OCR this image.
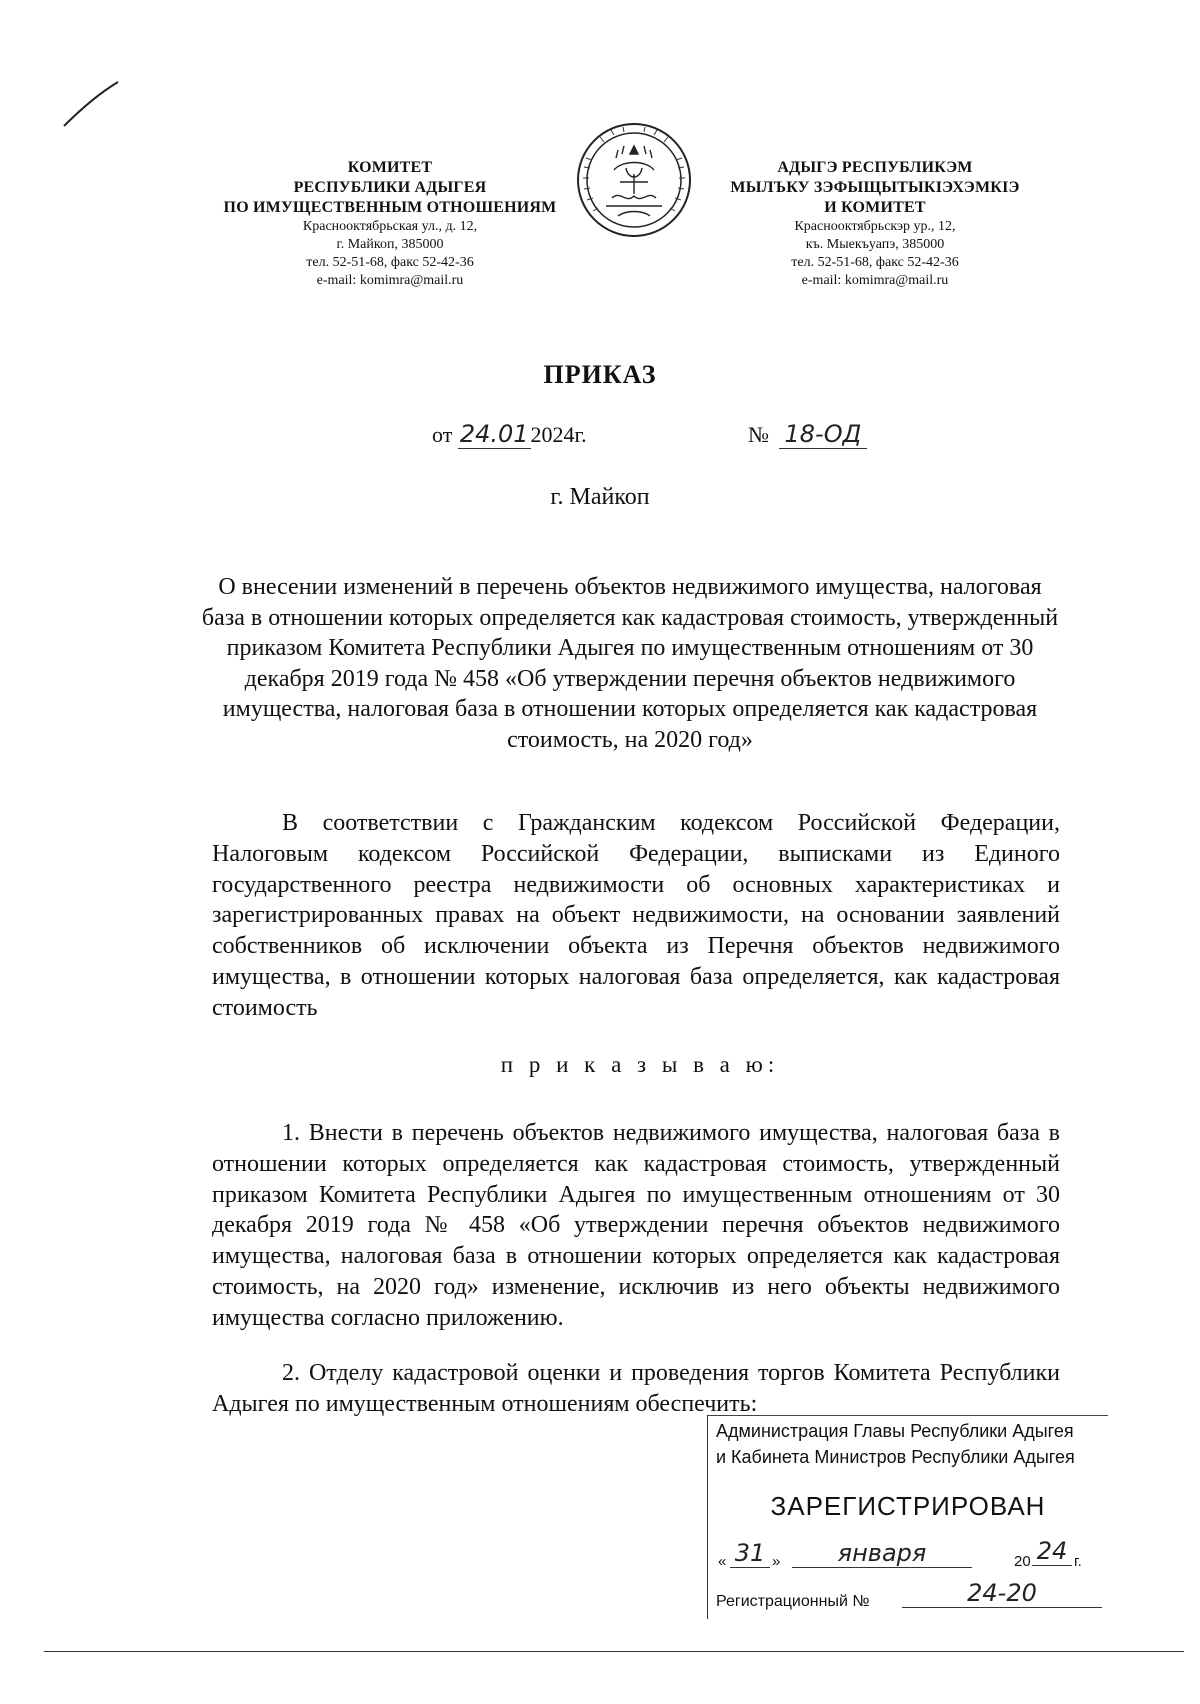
КОМИТЕТ
РЕСПУБЛИКИ АДЫГЕЯ
ПО ИМУЩЕСТВЕННЫМ ОТНОШЕНИЯМ
Краснооктябрьская ул., д. 12,
г. Майкоп, 385000
тел. 52-51-68, факс 52-42-36
e-mail: komimra@mail.ru
АДЫГЭ РЕСПУБЛИКЭМ
МЫЛЪКУ ЗЭФЫЩЫТЫКIЭХЭМКIЭ
И КОМИТЕТ
Краснооктябрьскэр ур., 12,
къ. Мыекъуапэ, 385000
тел. 52-51-68, факс 52-42-36
e-mail: komimra@mail.ru
ПРИКАЗ
от 24.012024г.	№ 18-ОД
г. Майкоп
О внесении изменений в перечень объектов недвижимого имущества, налоговая база в отношении которых определяется как кадастровая стоимость, утвержденный приказом Комитета Республики Адыгея по имущественным отношениям от 30 декабря 2019 года № 458 «Об утверждении перечня объектов недвижимого имущества, налоговая база в отношении которых определяется как кадастровая стоимость, на 2020 год»
В соответствии с Гражданским кодексом Российской Федерации, Налоговым кодексом Российской Федерации, выписками из Единого государственного реестра недвижимости об основных характеристиках и зарегистрированных правах на объект недвижимости, на основании заявлений собственников об исключении объекта из Перечня объектов недвижимого имущества, в отношении которых налоговая база определяется, как кадастровая стоимость
п р и к а з ы в а ю:
1. Внести в перечень объектов недвижимого имущества, налоговая база в отношении которых определяется как кадастровая стоимость, утвержденный приказом Комитета Республики Адыгея по имущественным отношениям от 30 декабря 2019 года № 458 «Об утверждении перечня объектов недвижимого имущества, налоговая база в отношении которых определяется как кадастровая стоимость, на 2020 год» изменение, исключив из него объекты недвижимого имущества согласно приложению.
2. Отделу кадастровой оценки и проведения торгов Комитета Республики Адыгея по имущественным отношениям обеспечить:
Администрация Главы Республики Адыгея
и Кабинета Министров Республики Адыгея
ЗАРЕГИСТРИРОВАН
« 31 »	января	20 24 г.
Регистрационный №	24-20
